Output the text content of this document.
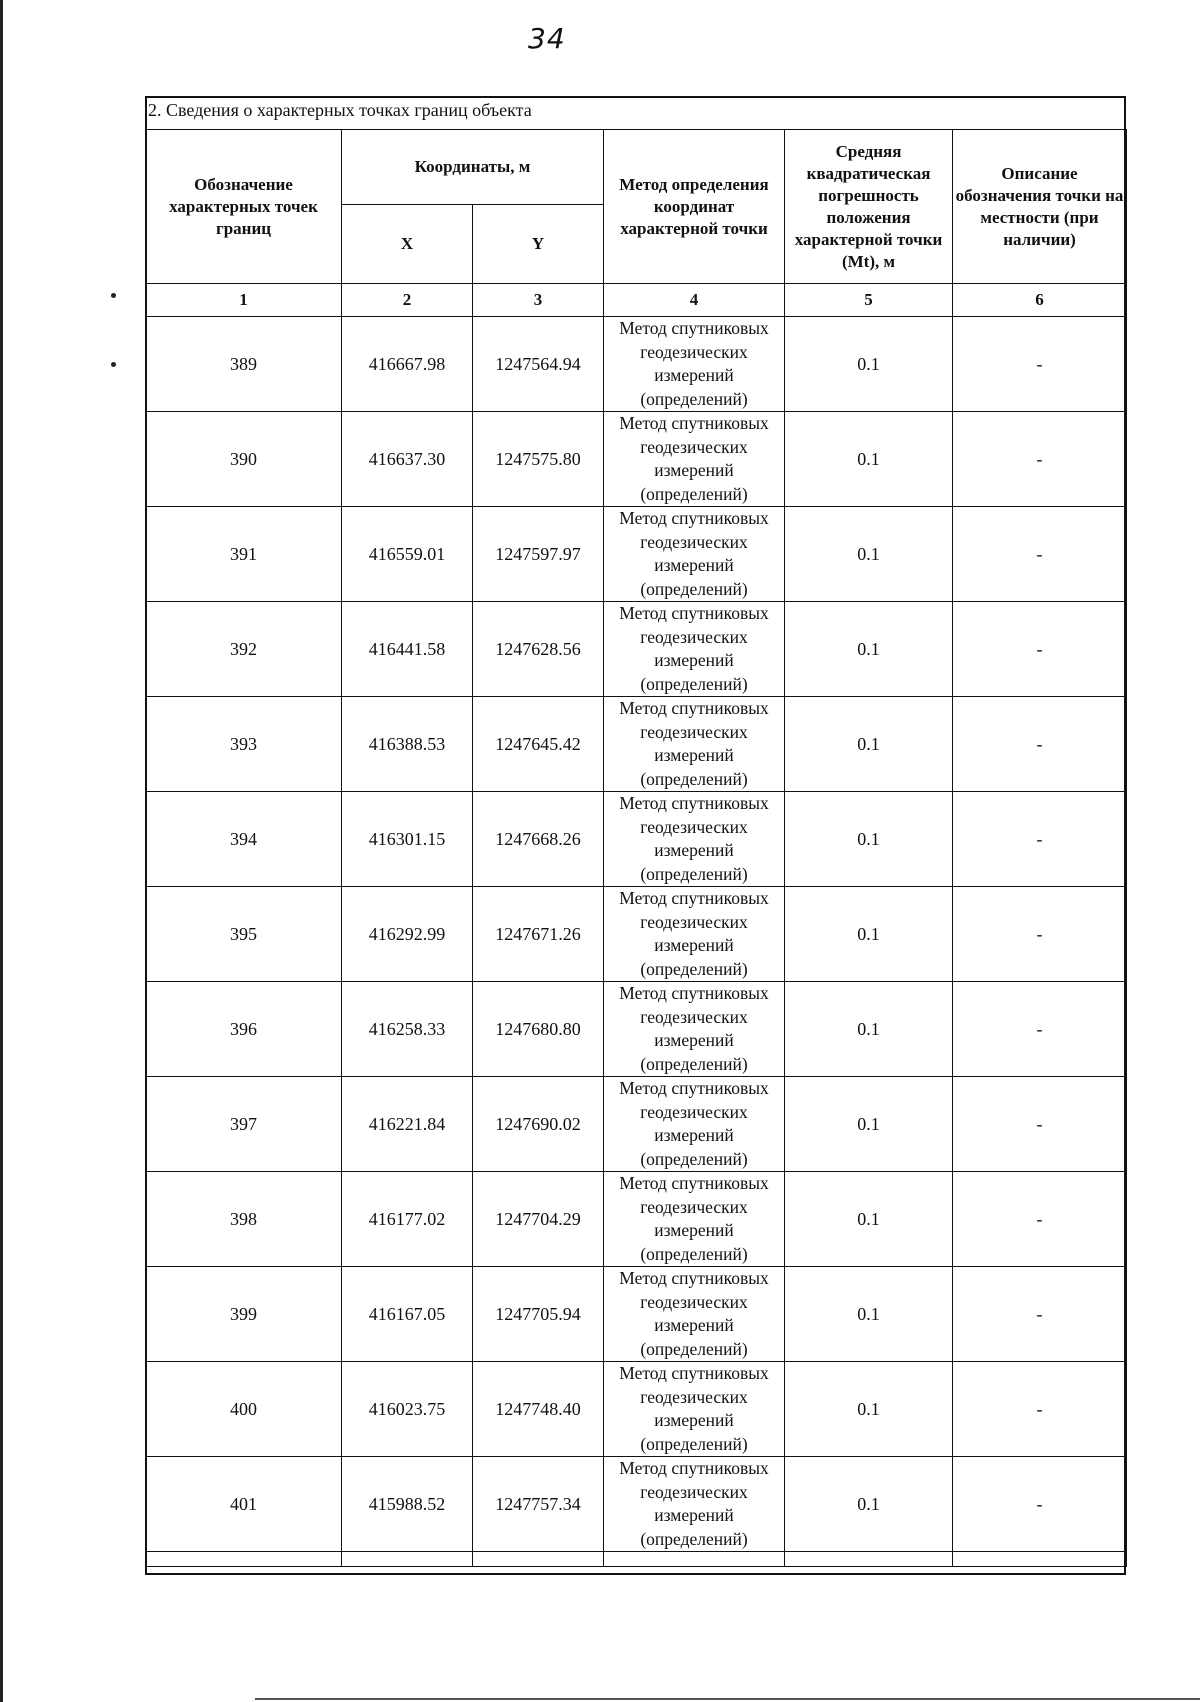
34
2. Сведения о характерных точках границ объекта
Обозначение характерных точек границ	Координаты, м		Метод определения координат характерной точки	Средняя квадратическая погрешность положения характерной точки (Mt), м	Описание обозначения точки на местности (при наличии)
	X	Y			
1	2	3	4	5	6
389	416667.98	1247564.94	Метод спутниковых геодезических измерений (определений)	0.1	-
390	416637.30	1247575.80	Метод спутниковых геодезических измерений (определений)	0.1	-
391	416559.01	1247597.97	Метод спутниковых геодезических измерений (определений)	0.1	-
392	416441.58	1247628.56	Метод спутниковых геодезических измерений (определений)	0.1	-
393	416388.53	1247645.42	Метод спутниковых геодезических измерений (определений)	0.1	-
394	416301.15	1247668.26	Метод спутниковых геодезических измерений (определений)	0.1	-
395	416292.99	1247671.26	Метод спутниковых геодезических измерений (определений)	0.1	-
396	416258.33	1247680.80	Метод спутниковых геодезических измерений (определений)	0.1	-
397	416221.84	1247690.02	Метод спутниковых геодезических измерений (определений)	0.1	-
398	416177.02	1247704.29	Метод спутниковых геодезических измерений (определений)	0.1	-
399	416167.05	1247705.94	Метод спутниковых геодезических измерений (определений)	0.1	-
400	416023.75	1247748.40	Метод спутниковых геодезических измерений (определений)	0.1	-
401	415988.52	1247757.34	Метод спутниковых геодезических измерений (определений)	0.1	-
